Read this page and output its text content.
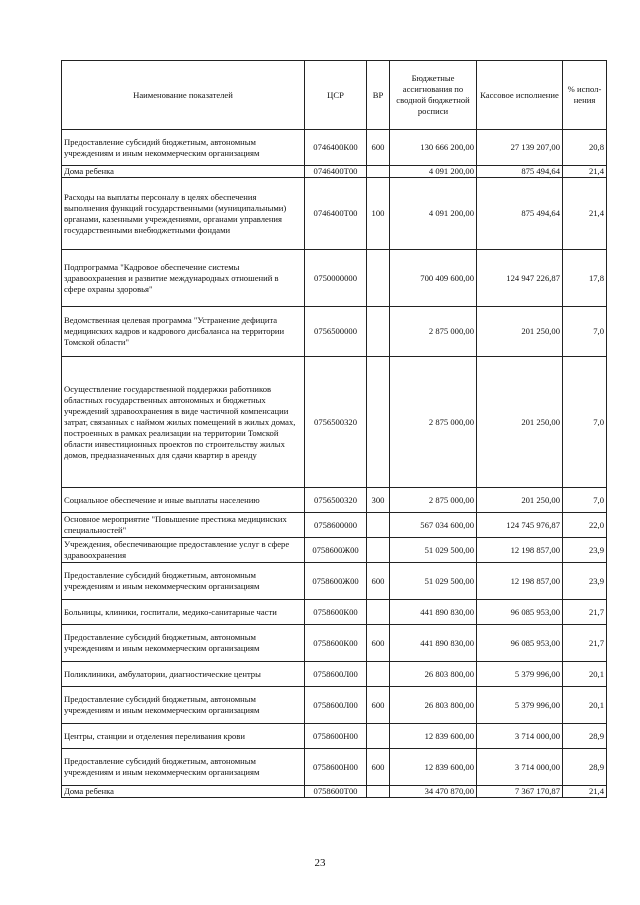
Наименование показателей	ЦСР	ВР	Бюджетные ассигнования по сводной бюджетной росписи	Кассовое исполнение	% испол-нения
Предоставление субсидий бюджетным, автономным учреждениям и иным некоммерческим организациям	0746400К00	600	130 666 200,00	27 139 207,00	20,8
Дома ребенка	0746400Т00		4 091 200,00	875 494,64	21,4
Расходы на выплаты персоналу в целях обеспечения выполнения функций государственными (муниципальными) органами, казенными учреждениями, органами управления государственными внебюджетными фондами	0746400Т00	100	4 091 200,00	875 494,64	21,4
Подпрограмма "Кадровое обеспечение системы здравоохранения и развитие международных отношений в сфере охраны здоровья"	0750000000		700 409 600,00	124 947 226,87	17,8
Ведомственная целевая программа "Устранение дефицита медицинских кадров и кадрового дисбаланса на территории Томской области"	0756500000		2 875 000,00	201 250,00	7,0
Осуществление государственной поддержки работников областных государственных автономных и бюджетных учреждений здравоохранения в виде частичной компенсации затрат, связанных с наймом жилых помещений в жилых домах, построенных в рамках реализации на территории Томской области инвестиционных проектов по строительству жилых домов, предназначенных для сдачи квартир в аренду	0756500320		2 875 000,00	201 250,00	7,0
Социальное обеспечение и иные выплаты населению	0756500320	300	2 875 000,00	201 250,00	7,0
Основное мероприятие "Повышение престижа медицинских специальностей"	0758600000		567 034 600,00	124 745 976,87	22,0
Учреждения, обеспечивающие предоставление услуг в сфере здравоохранения	0758600Ж00		51 029 500,00	12 198 857,00	23,9
Предоставление субсидий бюджетным, автономным учреждениям и иным некоммерческим организациям	0758600Ж00	600	51 029 500,00	12 198 857,00	23,9
Больницы, клиники, госпитали, медико-санитарные части	0758600К00		441 890 830,00	96 085 953,00	21,7
Предоставление субсидий бюджетным, автономным учреждениям и иным некоммерческим организациям	0758600К00	600	441 890 830,00	96 085 953,00	21,7
Поликлиники, амбулатории, диагностические центры	0758600Л00		26 803 800,00	5 379 996,00	20,1
Предоставление субсидий бюджетным, автономным учреждениям и иным некоммерческим организациям	0758600Л00	600	26 803 800,00	5 379 996,00	20,1
Центры, станции и отделения переливания крови	0758600Н00		12 839 600,00	3 714 000,00	28,9
Предоставление субсидий бюджетным, автономным учреждениям и иным некоммерческим организациям	0758600Н00	600	12 839 600,00	3 714 000,00	28,9
Дома ребенка	0758600Т00		34 470 870,00	7 367 170,87	21,4
23
